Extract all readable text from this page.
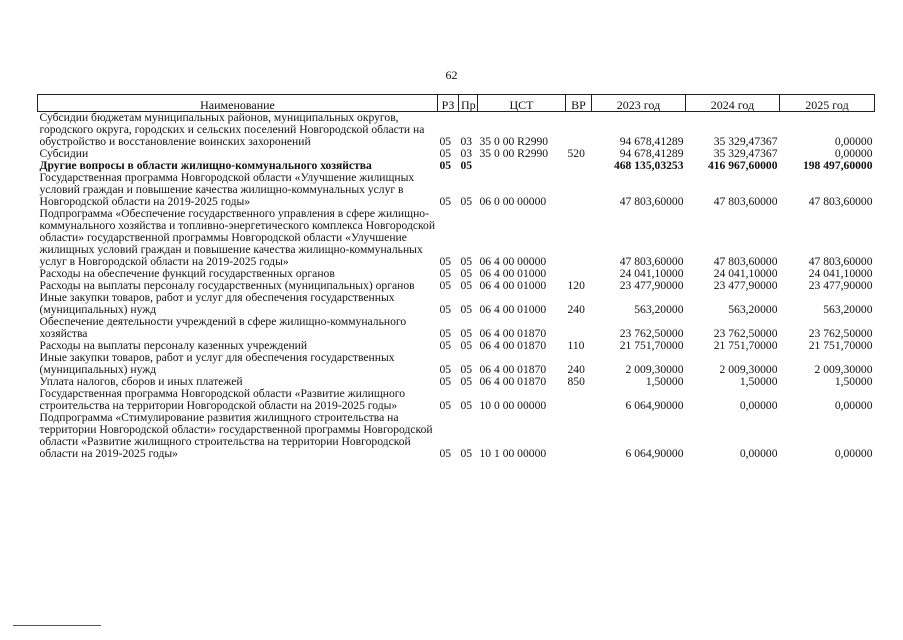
62
Наименование	РЗ	Пр	ЦСТ	ВР	2023 год	2024 год	2025 год
Субсидии бюджетам муниципальных районов, муниципальных округов, городского округа, городских и сельских поселений Новгородской области на обустройство и восстановление воинских захоронений	05	03	35 0 00 R2990		94 678,41289	35 329,47367	0,00000
Субсидии	05	03	35 0 00 R2990	520	94 678,41289	35 329,47367	0,00000
Другие вопросы в области жилищно-коммунального хозяйства	05	05			468 135,03253	416 967,60000	198 497,60000
Государственная программа Новгородской области «Улучшение жилищных условий граждан и повышение качества жилищно-коммунальных услуг в Новгородской области на 2019-2025 годы»	05	05	06 0 00 00000		47 803,60000	47 803,60000	47 803,60000
Подпрограмма «Обеспечение государственного управления в сфере жилищно-коммунального хозяйства и топливно-энергетического комплекса Новгородской области» государственной программы Новгородской области «Улучшение жилищных условий граждан и повышение качества жилищно-коммунальных услуг в Новгородской области на 2019-2025 годы»	05	05	06 4 00 00000		47 803,60000	47 803,60000	47 803,60000
Расходы на обеспечение функций государственных органов	05	05	06 4 00 01000		24 041,10000	24 041,10000	24 041,10000
Расходы на выплаты персоналу государственных (муниципальных) органов	05	05	06 4 00 01000	120	23 477,90000	23 477,90000	23 477,90000
Иные закупки товаров, работ и услуг для обеспечения государственных (муниципальных) нужд	05	05	06 4 00 01000	240	563,20000	563,20000	563,20000
Обеспечение деятельности учреждений в сфере жилищно-коммунального хозяйства	05	05	06 4 00 01870		23 762,50000	23 762,50000	23 762,50000
Расходы на выплаты персоналу казенных учреждений	05	05	06 4 00 01870	110	21 751,70000	21 751,70000	21 751,70000
Иные закупки товаров, работ и услуг для обеспечения государственных (муниципальных) нужд	05	05	06 4 00 01870	240	2 009,30000	2 009,30000	2 009,30000
Уплата налогов, сборов и иных платежей	05	05	06 4 00 01870	850	1,50000	1,50000	1,50000
Государственная программа Новгородской области «Развитие жилищного строительства на территории Новгородской области на 2019-2025 годы»	05	05	10 0 00 00000		6 064,90000	0,00000	0,00000
Подпрограмма «Стимулирование развития жилищного строительства на территории Новгородской области» государственной программы Новгородской области «Развитие жилищного строительства на территории Новгородской области на 2019-2025 годы»	05	05	10 1 00 00000		6 064,90000	0,00000	0,00000
